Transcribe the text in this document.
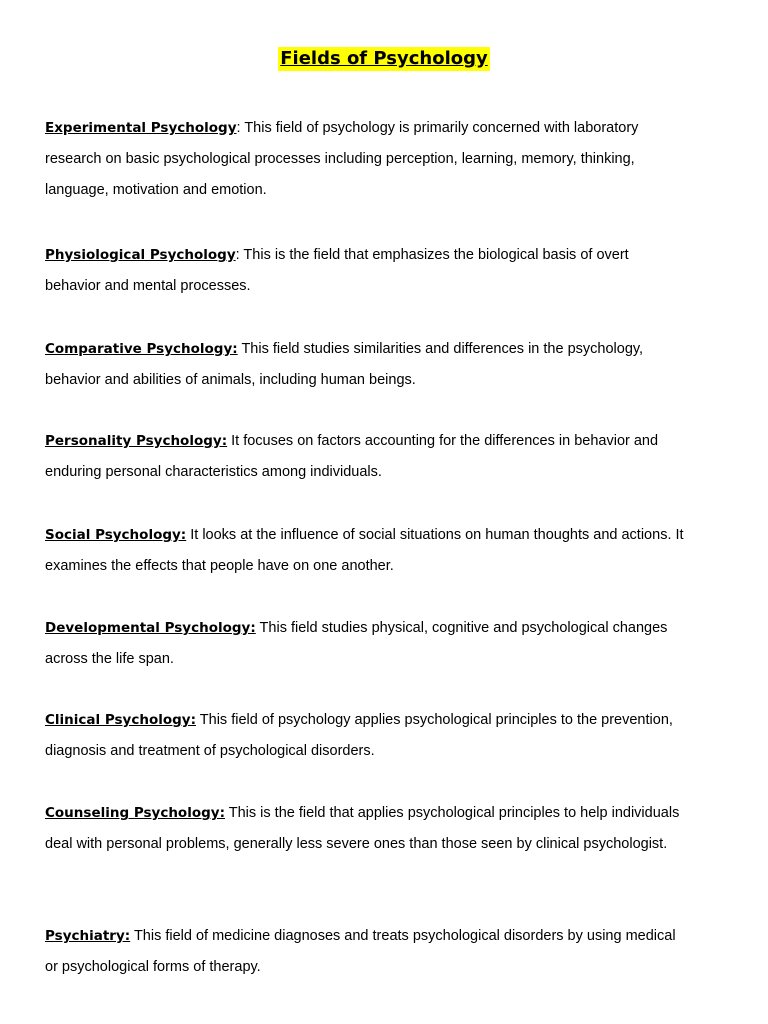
Fields of Psychology

Experimental Psychology: This field of psychology is primarily concerned with laboratory research on basic psychological processes including perception, learning, memory, thinking, language, motivation and emotion.

Physiological Psychology: This is the field that emphasizes the biological basis of overt behavior and mental processes.

Comparative Psychology: This field studies similarities and differences in the psychology, behavior and abilities of animals, including human beings.

Personality Psychology: It focuses on factors accounting for the differences in behavior and enduring personal characteristics among individuals.

Social Psychology: It looks at the influence of social situations on human thoughts and actions. It examines the effects that people have on one another.

Developmental Psychology: This field studies physical, cognitive and psychological changes across the life span.

Clinical Psychology: This field of psychology applies psychological principles to the prevention, diagnosis and treatment of psychological disorders.

Counseling Psychology: This is the field that applies psychological principles to help individuals deal with personal problems, generally less severe ones than those seen by clinical psychologist.

Psychiatry: This field of medicine diagnoses and treats psychological disorders by using medical or psychological forms of therapy.
